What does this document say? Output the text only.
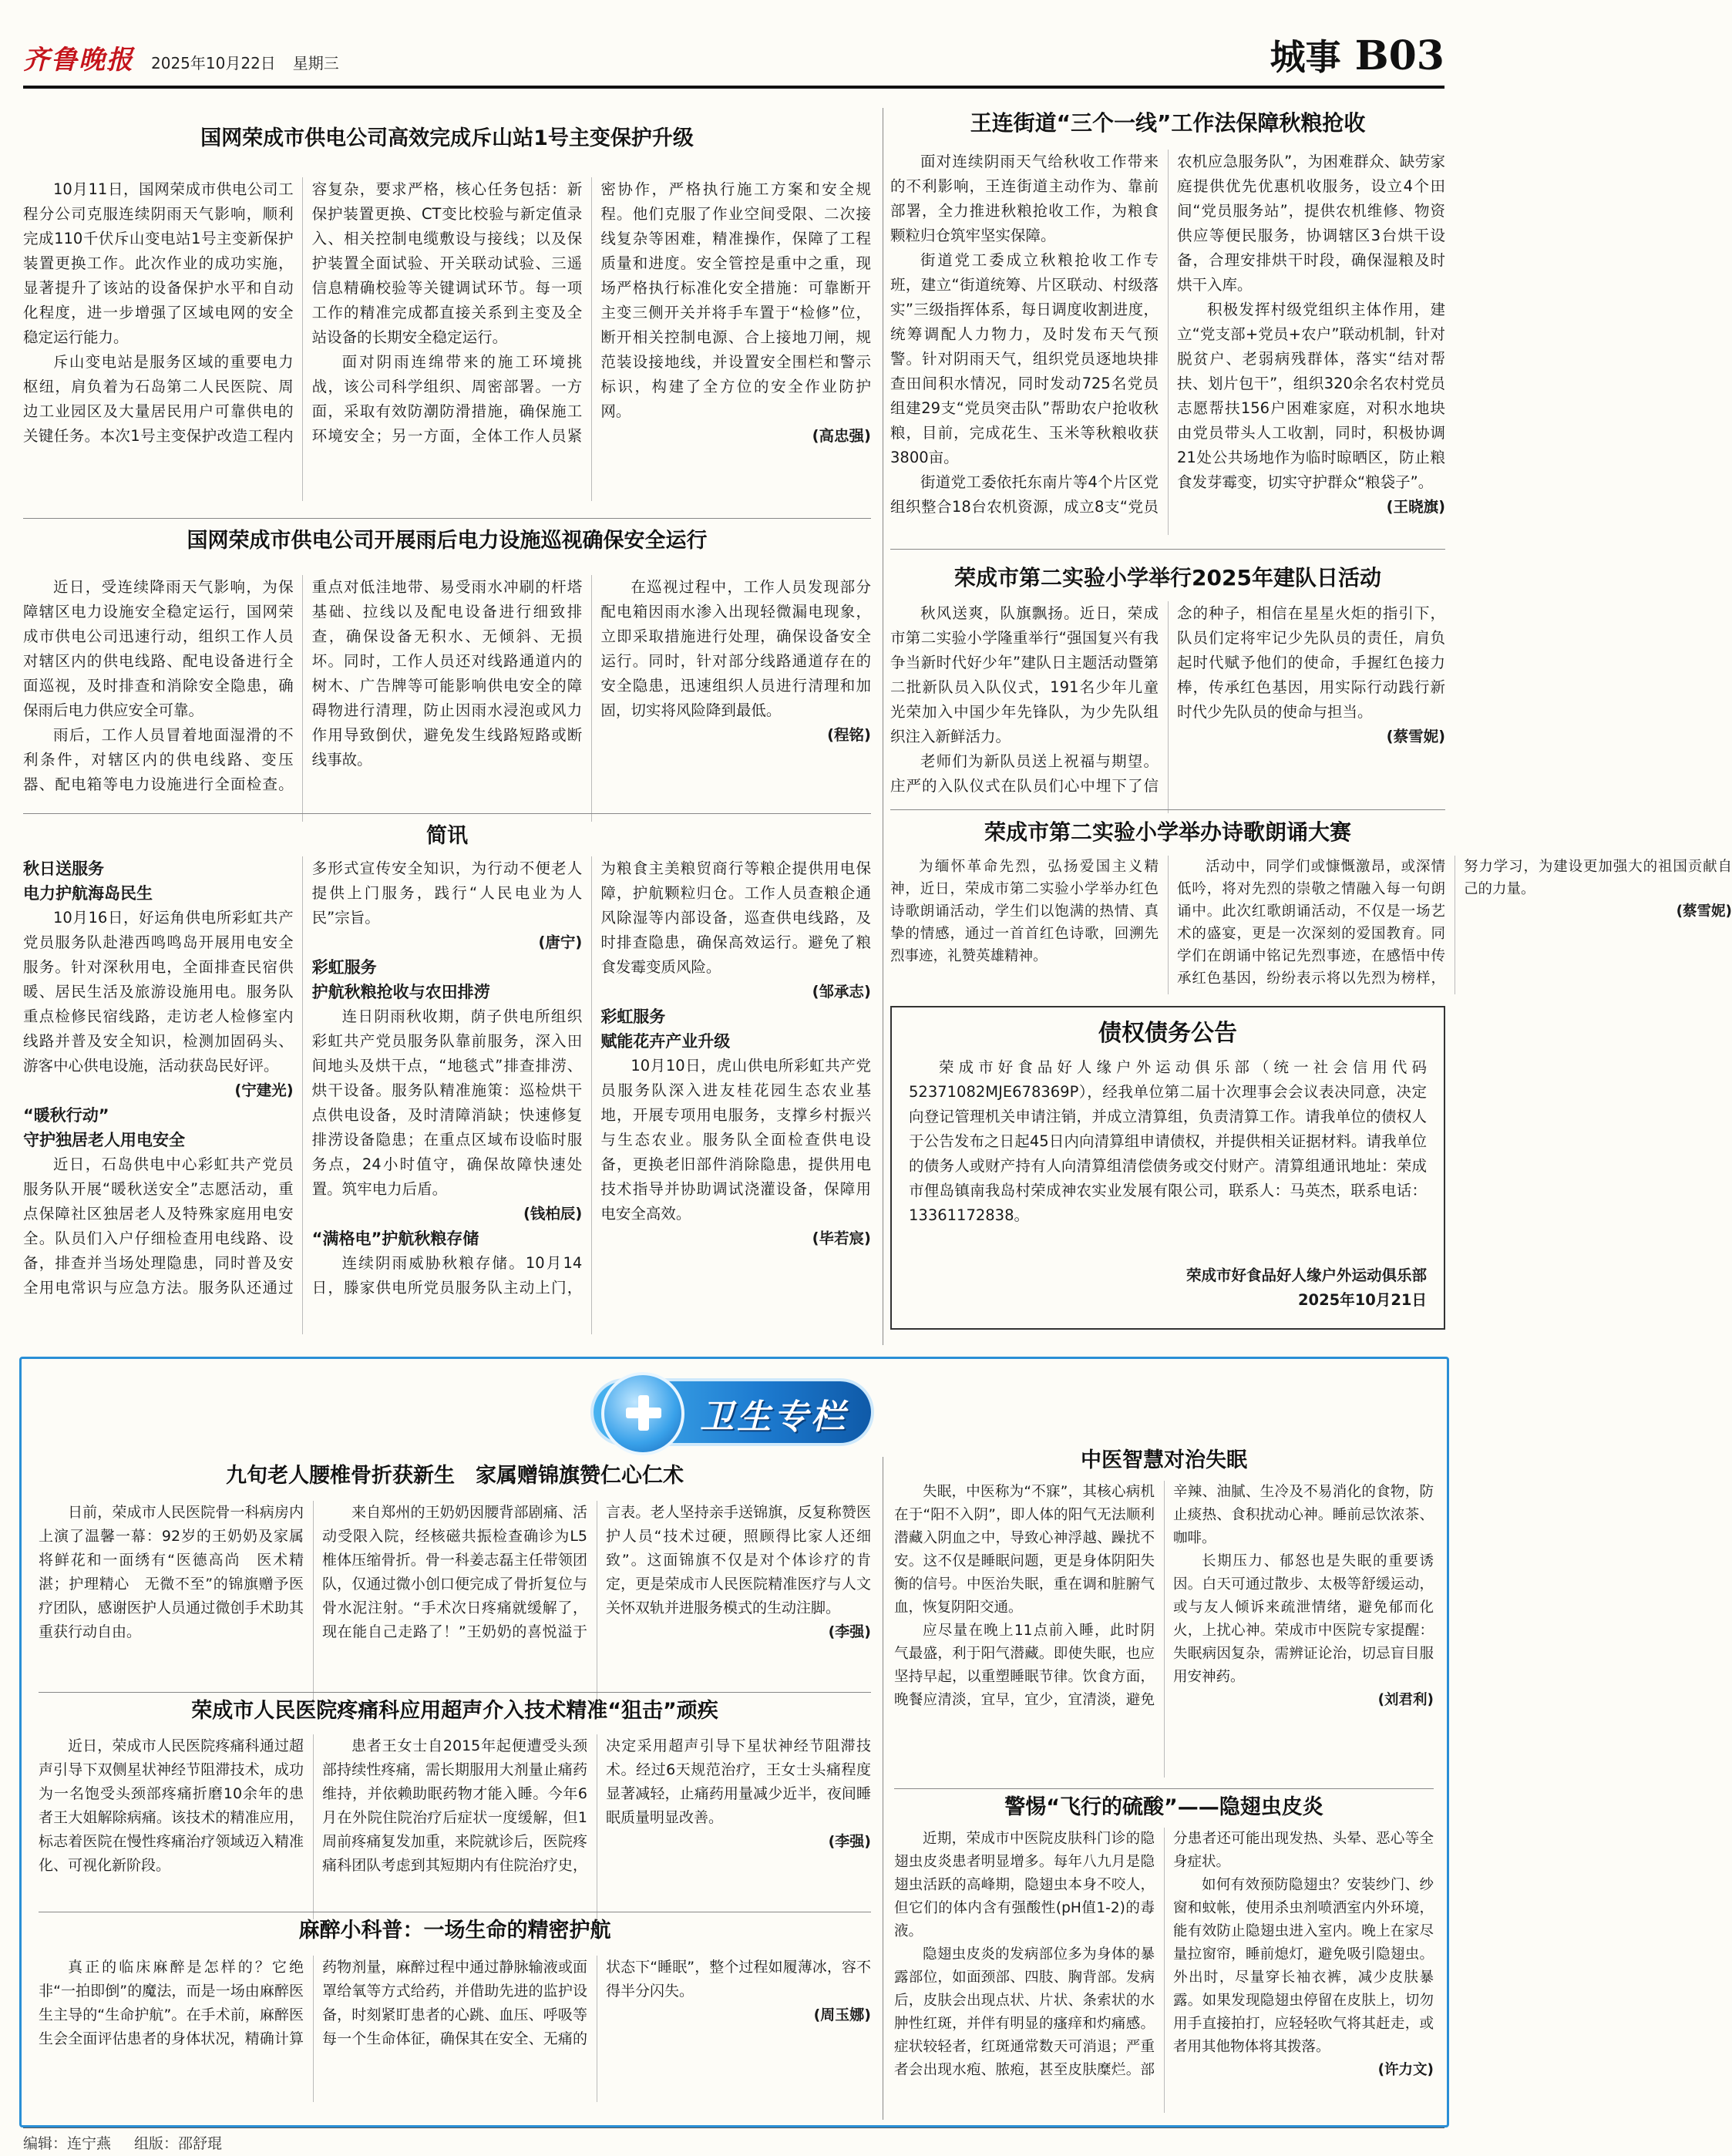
齐鲁晚报 2025年10月22日 星期三	城事 B03
国网荣成市供电公司高效完成斥山站1号主变保护升级

10月11日，国网荣成市供电公司工程分公司克服连续阴雨天气影响，顺利完成110千伏斥山变电站1号主变新保护装置更换工作。此次作业的成功实施，显著提升了该站的设备保护水平和自动化程度，进一步增强了区域电网的安全稳定运行能力。

斥山变电站是服务区域的重要电力枢纽，肩负着为石岛第二人民医院、周边工业园区及大量居民用户可靠供电的关键任务。本次1号主变保护改造工程内容复杂，要求严格，核心任务包括：新保护装置更换、CT变比校验与新定值录入、相关控制电缆敷设与接线；以及保护装置全面试验、开关联动试验、三遥信息精确校验等关键调试环节。每一项工作的精准完成都直接关系到主变及全站设备的长期安全稳定运行。

面对阴雨连绵带来的施工环境挑战，该公司科学组织、周密部署。一方面，采取有效防潮防滑措施，确保施工环境安全；另一方面，全体工作人员紧密协作，严格执行施工方案和安全规程。他们克服了作业空间受限、二次接线复杂等困难，精准操作，保障了工程质量和进度。安全管控是重中之重，现场严格执行标准化安全措施：可靠断开主变三侧开关并将手车置于“检修”位，断开相关控制电源、合上接地刀闸，规范装设接地线，并设置安全围栏和警示标识，构建了全方位的安全作业防护网。

(高忠强)
国网荣成市供电公司开展雨后电力设施巡视确保安全运行

近日，受连续降雨天气影响，为保障辖区电力设施安全稳定运行，国网荣成市供电公司迅速行动，组织工作人员对辖区内的供电线路、配电设备进行全面巡视，及时排查和消除安全隐患，确保雨后电力供应安全可靠。

雨后，工作人员冒着地面湿滑的不利条件，对辖区内的供电线路、变压器、配电箱等电力设施进行全面检查。重点对低洼地带、易受雨水冲刷的杆塔基础、拉线以及配电设备进行细致排查，确保设备无积水、无倾斜、无损坏。同时，工作人员还对线路通道内的树木、广告牌等可能影响供电安全的障碍物进行清理，防止因雨水浸泡或风力作用导致倒伏，避免发生线路短路或断线事故。

在巡视过程中，工作人员发现部分配电箱因雨水渗入出现轻微漏电现象，立即采取措施进行处理，确保设备安全运行。同时，针对部分线路通道存在的安全隐患，迅速组织人员进行清理和加固，切实将风险降到最低。

(程铭)
简讯

秋日送服务

电力护航海岛民生

10月16日，好运角供电所彩虹共产党员服务队赴港西鸣鸣岛开展用电安全服务。针对深秋用电，全面排查民宿供暖、居民生活及旅游设施用电。服务队重点检修民宿线路，走访老人检修室内线路并普及安全知识，检测加固码头、游客中心供电设施，活动获岛民好评。

(宁建光)

“暖秋行动”

守护独居老人用电安全

近日，石岛供电中心彩虹共产党员服务队开展“暖秋送安全”志愿活动，重点保障社区独居老人及特殊家庭用电安全。队员们入户仔细检查用电线路、设备，排查并当场处理隐患，同时普及安全用电常识与应急方法。服务队还通过多形式宣传安全知识，为行动不便老人提供上门服务，践行“人民电业为人民”宗旨。

(唐宁)

彩虹服务

护航秋粮抢收与农田排涝

连日阴雨秋收期，荫子供电所组织彩虹共产党员服务队靠前服务，深入田间地头及烘干点，“地毯式”排查排涝、烘干设备。服务队精准施策：巡检烘干点供电设备，及时清障消缺；快速修复排涝设备隐患；在重点区域布设临时服务点，24小时值守，确保故障快速处置。筑牢电力后盾。

(钱柏辰)

“满格电”护航秋粮存储

连续阴雨威胁秋粮存储。10月14日，滕家供电所党员服务队主动上门，为粮食主美粮贸商行等粮企提供用电保障，护航颗粒归仓。工作人员查粮企通风除湿等内部设备，巡查供电线路，及时排查隐患，确保高效运行。避免了粮食发霉变质风险。

(邹承志)

彩虹服务

赋能花卉产业升级

10月10日，虎山供电所彩虹共产党员服务队深入进友桂花园生态农业基地，开展专项用电服务，支撑乡村振兴与生态农业。服务队全面检查供电设备，更换老旧部件消除隐患，提供用电技术指导并协助调试浇灌设备，保障用电安全高效。

(毕若宸)
王连街道“三个一线”工作法保障秋粮抢收

面对连续阴雨天气给秋收工作带来的不利影响，王连街道主动作为、靠前部署，全力推进秋粮抢收工作，为粮食颗粒归仓筑牢坚实保障。

街道党工委成立秋粮抢收工作专班，建立“街道统筹、片区联动、村级落实”三级指挥体系，每日调度收割进度，统筹调配人力物力，及时发布天气预警。针对阴雨天气，组织党员逐地块排查田间积水情况，同时发动725名党员组建29支“党员突击队”帮助农户抢收秋粮，目前，完成花生、玉米等秋粮收获3800亩。

街道党工委依托东南片等4个片区党组织整合18台农机资源，成立8支“党员农机应急服务队”，为困难群众、缺劳家庭提供优先优惠机收服务，设立4个田间“党员服务站”，提供农机维修、物资供应等便民服务，协调辖区3台烘干设备，合理安排烘干时段，确保湿粮及时烘干入库。

积极发挥村级党组织主体作用，建立“党支部+党员+农户”联动机制，针对脱贫户、老弱病残群体，落实“结对帮扶、划片包干”，组织320余名农村党员志愿帮扶156户困难家庭，对积水地块由党员带头人工收割，同时，积极协调21处公共场地作为临时晾晒区，防止粮食发芽霉变，切实守护群众“粮袋子”。

(王晓旗)
荣成市第二实验小学举行2025年建队日活动

秋风送爽，队旗飘扬。近日，荣成市第二实验小学隆重举行“强国复兴有我　争当新时代好少年”建队日主题活动暨第二批新队员入队仪式，191名少年儿童光荣加入中国少年先锋队，为少先队组织注入新鲜活力。

老师们为新队员送上祝福与期望。庄严的入队仪式在队员们心中埋下了信念的种子，相信在星星火炬的指引下，队员们定将牢记少先队员的责任，肩负起时代赋予他们的使命，手握红色接力棒，传承红色基因，用实际行动践行新时代少先队员的使命与担当。

(蔡雪妮)
荣成市第二实验小学举办诗歌朗诵大赛

为缅怀革命先烈，弘扬爱国主义精神，近日，荣成市第二实验小学举办红色诗歌朗诵活动，学生们以饱满的热情、真挚的情感，通过一首首红色诗歌，回溯先烈事迹，礼赞英雄精神。

活动中，同学们或慷慨激昂，或深情低吟，将对先烈的崇敬之情融入每一句朗诵中。此次红歌朗诵活动，不仅是一场艺术的盛宴，更是一次深刻的爱国教育。同学们在朗诵中铭记先烈事迹，在感悟中传承红色基因，纷纷表示将以先烈为榜样，努力学习，为建设更加强大的祖国贡献自己的力量。

(蔡雪妮)
债权债务公告

荣成市好食品好人缘户外运动俱乐部（统一社会信用代码52371082MJE678369P），经我单位第二届十次理事会会议表决同意，决定向登记管理机关申请注销，并成立清算组，负责清算工作。请我单位的债权人于公告发布之日起45日内向清算组申请债权，并提供相关证据材料。请我单位的债务人或财产持有人向清算组清偿债务或交付财产。清算组通讯地址：荣成市俚岛镇南我岛村荣成神农实业发展有限公司，联系人：马英杰，联系电话：13361172838。

荣成市好食品好人缘户外运动俱乐部
2025年10月21日
卫生专栏
九旬老人腰椎骨折获新生　家属赠锦旗赞仁心仁术

日前，荣成市人民医院骨一科病房内上演了温馨一幕：92岁的王奶奶及家属将鲜花和一面绣有“医德高尚　医术精湛；护理精心　无微不至”的锦旗赠予医疗团队，感谢医护人员通过微创手术助其重获行动自由。

来自郑州的王奶奶因腰背部剧痛、活动受限入院，经核磁共振检查确诊为L5椎体压缩骨折。骨一科姜志磊主任带领团队，仅通过微小创口便完成了骨折复位与骨水泥注射。“手术次日疼痛就缓解了，现在能自己走路了！”王奶奶的喜悦溢于言表。老人坚持亲手送锦旗，反复称赞医护人员“技术过硬，照顾得比家人还细致”。这面锦旗不仅是对个体诊疗的肯定，更是荣成市人民医院精准医疗与人文关怀双轨并进服务模式的生动注脚。

(李强)
荣成市人民医院疼痛科应用超声介入技术精准“狙击”顽疾

近日，荣成市人民医院疼痛科通过超声引导下双侧星状神经节阻滞技术，成功为一名饱受头颈部疼痛折磨10余年的患者王大姐解除病痛。该技术的精准应用，标志着医院在慢性疼痛治疗领域迈入精准化、可视化新阶段。

患者王女士自2015年起便遭受头颈部持续性疼痛，需长期服用大剂量止痛药维持，并依赖助眠药物才能入睡。今年6月在外院住院治疗后症状一度缓解，但1周前疼痛复发加重，来院就诊后，医院疼痛科团队考虑到其短期内有住院治疗史，决定采用超声引导下星状神经节阻滞技术。经过6天规范治疗，王女士头痛程度显著减轻，止痛药用量减少近半，夜间睡眠质量明显改善。

(李强)
麻醉小科普：一场生命的精密护航

真正的临床麻醉是怎样的？它绝非“一拍即倒”的魔法，而是一场由麻醉医生主导的“生命护航”。在手术前，麻醉医生会全面评估患者的身体状况，精确计算药物剂量，麻醉过程中通过静脉输液或面罩给氧等方式给药，并借助先进的监护设备，时刻紧盯患者的心跳、血压、呼吸等每一个生命体征，确保其在安全、无痛的状态下“睡眠”，整个过程如履薄冰，容不得半分闪失。

(周玉娜)
中医智慧对治失眠

失眠，中医称为“不寐”，其核心病机在于“阳不入阴”，即人体的阳气无法顺利潜藏入阴血之中，导致心神浮越、躁扰不安。这不仅是睡眠问题，更是身体阴阳失衡的信号。中医治失眠，重在调和脏腑气血，恢复阴阳交通。

应尽量在晚上11点前入睡，此时阴气最盛，利于阳气潜藏。即使失眠，也应坚持早起，以重塑睡眠节律。饮食方面，晚餐应清淡，宜早，宜少，宜清淡，避免辛辣、油腻、生冷及不易消化的食物，防止痰热、食积扰动心神。睡前忌饮浓茶、咖啡。

长期压力、郁怒也是失眠的重要诱因。白天可通过散步、太极等舒缓运动，或与友人倾诉来疏泄情绪，避免郁而化火，上扰心神。荣成市中医院专家提醒：失眠病因复杂，需辨证论治，切忌盲目服用安神药。

(刘君利)
警惕“飞行的硫酸”——隐翅虫皮炎

近期，荣成市中医院皮肤科门诊的隐翅虫皮炎患者明显增多。每年八九月是隐翅虫活跃的高峰期，隐翅虫本身不咬人，但它们的体内含有强酸性(pH值1-2)的毒液。

隐翅虫皮炎的发病部位多为身体的暴露部位，如面颈部、四肢、胸背部。发病后，皮肤会出现点状、片状、条索状的水肿性红斑，并伴有明显的瘙痒和灼痛感。症状较轻者，红斑通常数天可消退；严重者会出现水疱、脓疱，甚至皮肤糜烂。部分患者还可能出现发热、头晕、恶心等全身症状。

如何有效预防隐翅虫？安装纱门、纱窗和蚊帐，使用杀虫剂喷洒室内外环境，能有效防止隐翅虫进入室内。晚上在家尽量拉窗帘，睡前熄灯，避免吸引隐翅虫。外出时，尽量穿长袖衣裤，减少皮肤暴露。如果发现隐翅虫停留在皮肤上，切勿用手直接拍打，应轻轻吹气将其赶走，或者用其他物体将其拨落。

(许力文)
编辑：连宁燕 组版：邵舒琨
